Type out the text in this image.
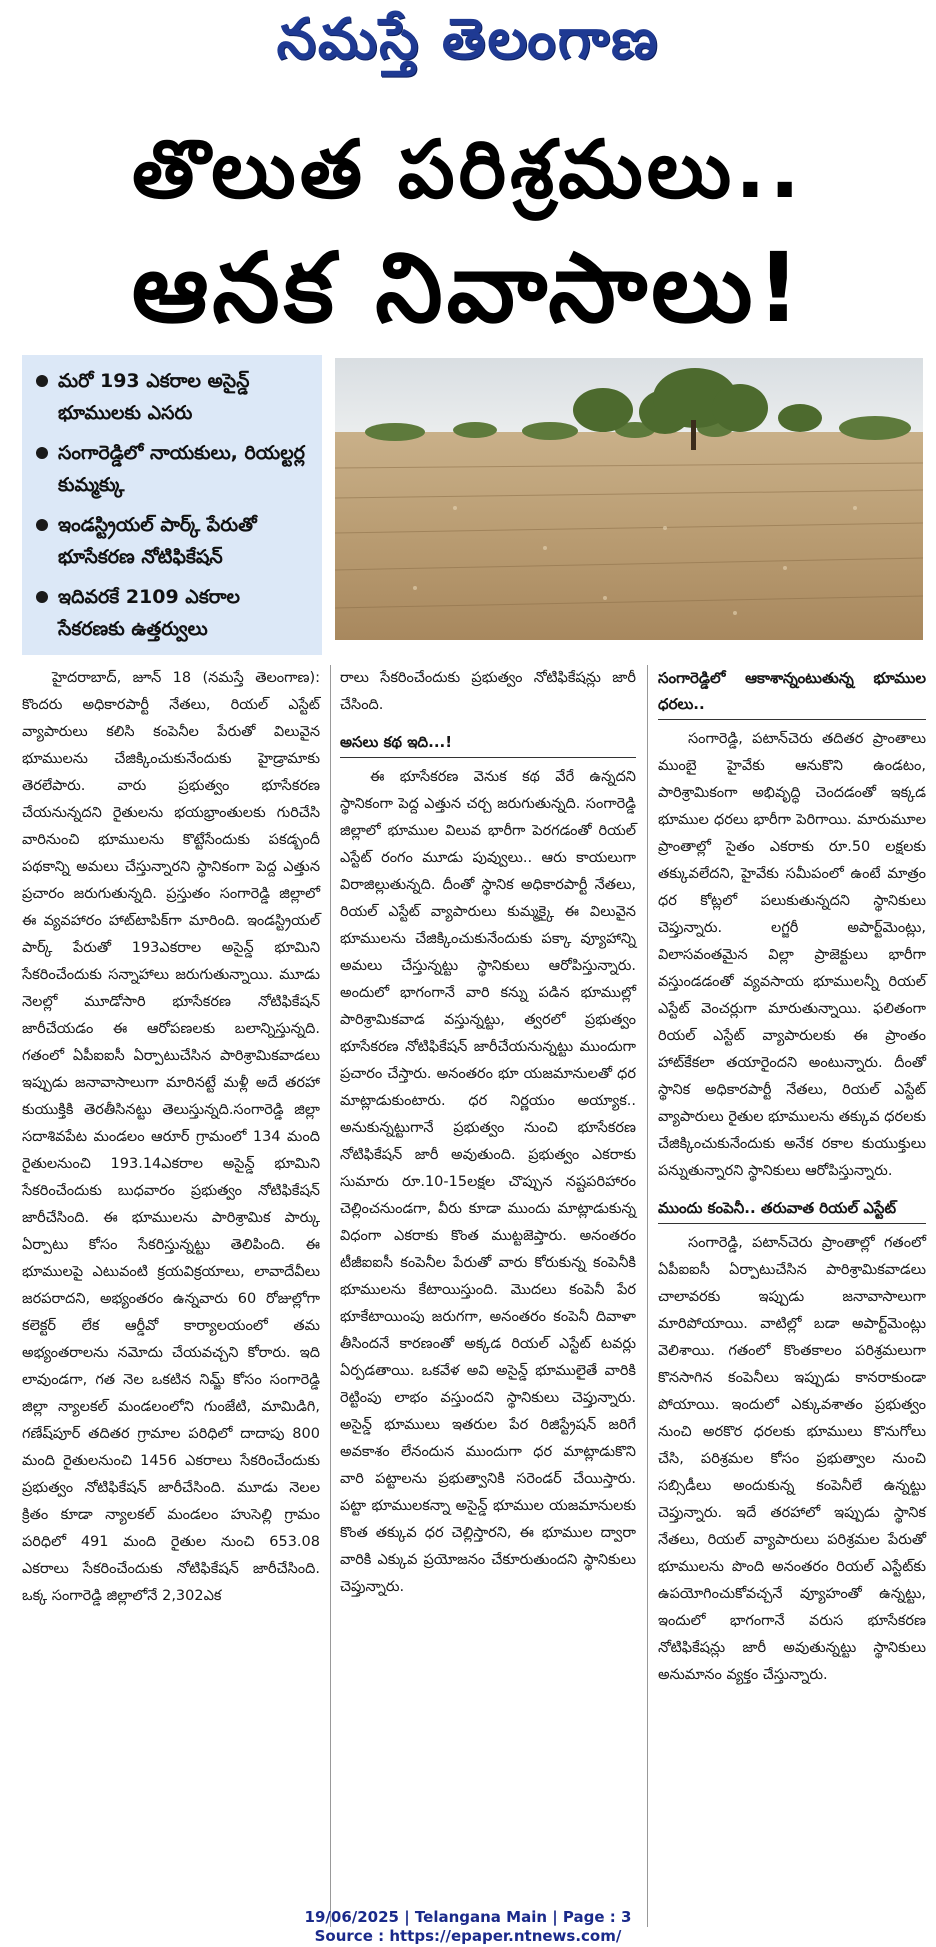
నమస్తే తెలంగాణ
తొలుత పరిశ్రమలు..
ఆనక నివాసాలు!
మరో 193 ఎకరాల అసైన్డ్ భూములకు ఎసరు
సంగారెడ్డిలో నాయకులు, రియల్టర్ల కుమ్మక్కు
ఇండస్ట్రియల్ పార్క్ పేరుతో భూసేకరణ నోటిఫికేషన్
ఇదివరకే 2109 ఎకరాల సేకరణకు ఉత్తర్వులు

హైదరాబాద్, జూన్ 18 (నమస్తే తెలంగాణ): కొందరు అధికారపార్టీ నేతలు, రియల్ ఎస్టేట్ వ్యాపారులు కలిసి కంపెనీల పేరుతో విలువైన భూములను చేజిక్కించుకునేందుకు హైడ్రామాకు తెరలేపారు. వారు ప్రభుత్వం భూసేకరణ చేయనున్నదని రైతులను భయభ్రాంతులకు గురిచేసి వారినుంచి భూములను కొట్టేసేందుకు పకడ్బందీ పథకాన్ని అమలు చేస్తున్నారని స్థానికంగా పెద్ద ఎత్తున ప్రచారం జరుగుతున్నది. ప్రస్తుతం సంగారెడ్డి జిల్లాలో ఈ వ్యవహారం హాట్‌టాపిక్‌గా మారింది. ఇండస్ట్రియల్ పార్క్ పేరుతో 193ఎకరాల అసైన్డ్ భూమిని సేకరించేందుకు సన్నాహాలు జరుగుతున్నాయి. మూడు నెలల్లో మూడోసారి భూసేకరణ నోటిఫికేషన్ జారీచేయడం ఈ ఆరోపణలకు బలాన్నిస్తున్నది. గతంలో ఏపీఐఐసీ ఏర్పాటుచేసిన పారిశ్రామికవాడలు ఇప్పుడు జనావాసాలుగా మారినట్టే మళ్లీ అదే తరహా కుయుక్తికి తెరతీసినట్టు తెలుస్తున్నది.సంగారెడ్డి జిల్లా సదాశివపేట మండలం ఆరూర్ గ్రామంలో 134 మంది రైతులనుంచి 193.14ఎకరాల అసైన్డ్ భూమిని సేకరించేందుకు బుధవారం ప్రభుత్వం నోటిఫికేషన్ జారీచేసింది. ఈ భూములను పారిశ్రామిక పార్కు ఏర్పాటు కోసం సేకరిస్తున్నట్టు తెలిపింది. ఈ భూములపై ఎటువంటి క్రయవిక్రయాలు, లావాదేవీలు జరపరాదని, అభ్యంతరం ఉన్నవారు 60 రోజుల్లోగా కలెక్టర్ లేక ఆర్డీవో కార్యాలయంలో తమ అభ్యంతరాలను నమోదు చేయవచ్చని కోరారు. ఇది లావుండగా, గత నెల ఒకటిన నిమ్జ్ కోసం సంగారెడ్డి జిల్లా న్యాలకల్ మండలంలోని గుంజేటి, మామిడిగి, గణేష్‌పూర్ తదితర గ్రామాల పరిధిలో దాదాపు 800 మంది రైతులనుంచి 1456 ఎకరాలు సేకరించేందుకు ప్రభుత్వం నోటిఫికేషన్ జారీచేసింది. మూడు నెలల క్రితం కూడా న్యాలకల్ మండలం హుసెల్లి గ్రామం పరిధిలో 491 మంది రైతుల నుంచి 653.08 ఎకరాలు సేకరించేందుకు నోటిఫికేషన్ జారీచేసింది. ఒక్క సంగారెడ్డి జిల్లాలోనే 2,302ఎక

రాలు సేకరించేందుకు ప్రభుత్వం నోటిఫికేషన్లు జారీ చేసింది.

అసలు కథ ఇది...!

ఈ భూసేకరణ వెనుక కథ వేరే ఉన్నదని స్థానికంగా పెద్ద ఎత్తున చర్చ జరుగుతున్నది. సంగారెడ్డి జిల్లాలో భూముల విలువ భారీగా పెరగడంతో రియల్ ఎస్టేట్ రంగం మూడు పువ్వులు.. ఆరు కాయలుగా విరాజిల్లుతున్నది. దీంతో స్థానిక అధికారపార్టీ నేతలు, రియల్ ఎస్టేట్ వ్యాపారులు కుమ్మక్కై ఈ విలువైన భూములను చేజిక్కించుకునేందుకు పక్కా వ్యూహాన్ని అమలు చేస్తున్నట్టు స్థానికులు ఆరోపిస్తున్నారు. అందులో భాగంగానే వారి కన్ను పడిన భూముల్లో పారిశ్రామికవాడ వస్తున్నట్టు, త్వరలో ప్రభుత్వం భూసేకరణ నోటిఫికేషన్ జారీచేయనున్నట్టు ముందుగా ప్రచారం చేస్తారు. అనంతరం భూ యజమానులతో ధర మాట్లాడుకుంటారు. ధర నిర్ణయం అయ్యాక.. అనుకున్నట్టుగానే ప్రభుత్వం నుంచి భూసేకరణ నోటిఫికేషన్ జారీ అవుతుంది. ప్రభుత్వం ఎకరాకు సుమారు రూ.10-15లక్షల చొప్పున నష్టపరిహారం చెల్లించనుండగా, వీరు కూడా ముందు మాట్లాడుకున్న విధంగా ఎకరాకు కొంత ముట్టజెప్తారు. అనంతరం టీజీఐఐసీ కంపెనీల పేరుతో వారు కోరుకున్న కంపెనీకి భూములను కేటాయిస్తుంది. మొదలు కంపెనీ పేర భూకేటాయింపు జరుగగా, అనంతరం కంపెనీ దివాళా తీసిందనే కారణంతో అక్కడ రియల్ ఎస్టేట్ టవర్లు ఏర్పడతాయి. ఒకవేళ అవి అసైన్డ్ భూములైతే వారికి రెట్టింపు లాభం వస్తుందని స్థానికులు చెప్తున్నారు. అసైన్డ్ భూములు ఇతరుల పేర రిజిస్ట్రేషన్ జరిగే అవకాశం లేనందున ముందుగా ధర మాట్లాడుకొని వారి పట్టాలను ప్రభుత్వానికి సరెండర్ చేయిస్తారు. పట్టా భూములకన్నా అసైన్డ్ భూముల యజమానులకు కొంత తక్కువ ధర చెల్లిస్తారని, ఈ భూముల ద్వారా వారికి ఎక్కువ ప్రయోజనం చేకూరుతుందని స్థానికులు చెప్తున్నారు.

సంగారెడ్డిలో ఆకాశాన్నంటుతున్న భూముల ధరలు..

సంగారెడ్డి, పటాన్‌చెరు తదితర ప్రాంతాలు ముంబై హైవేకు ఆనుకొని ఉండటం, పారిశ్రామికంగా అభివృద్ధి చెందడంతో ఇక్కడ భూముల ధరలు భారీగా పెరిగాయి. మారుమూల ప్రాంతాల్లో సైతం ఎకరాకు రూ.50 లక్షలకు తక్కువలేదని, హైవేకు సమీపంలో ఉంటే మాత్రం ధర కోట్లలో పలుకుతున్నదని స్థానికులు చెప్తున్నారు. లగ్జరీ అపార్ట్‌మెంట్లు, విలాసవంతమైన విల్లా ప్రాజెక్టులు భారీగా వస్తుండడంతో వ్యవసాయ భూములన్నీ రియల్ ఎస్టేట్ వెంచర్లుగా మారుతున్నాయి. ఫలితంగా రియల్ ఎస్టేట్ వ్యాపారులకు ఈ ప్రాంతం హాట్‌కేకలా తయారైందని అంటున్నారు. దీంతో స్థానిక అధికారపార్టీ నేతలు, రియల్ ఎస్టేట్ వ్యాపారులు రైతుల భూములను తక్కువ ధరలకు చేజిక్కించుకునేందుకు అనేక రకాల కుయుక్తులు పన్నుతున్నారని స్థానికులు ఆరోపిస్తున్నారు.

ముందు కంపెనీ.. తరువాత రియల్ ఎస్టేట్

సంగారెడ్డి, పటాన్‌చెరు ప్రాంతాల్లో గతంలో ఏపీఐఐసీ ఏర్పాటుచేసిన పారిశ్రామికవాడలు చాలావరకు ఇప్పుడు జనావాసాలుగా మారిపోయాయి. వాటిల్లో బడా అపార్ట్‌మెంట్లు వెలిశాయి. గతంలో కొంతకాలం పరిశ్రమలుగా కొనసాగిన కంపెనీలు ఇప్పుడు కానరాకుండా పోయాయి. ఇందులో ఎక్కువశాతం ప్రభుత్వం నుంచి అరకొర ధరలకు భూములు కొనుగోలు చేసి, పరిశ్రమల కోసం ప్రభుత్వాల నుంచి సబ్సిడీలు అందుకున్న కంపెనీలే ఉన్నట్టు చెప్తున్నారు. ఇదే తరహాలో ఇప్పుడు స్థానిక నేతలు, రియల్ వ్యాపారులు పరిశ్రమల పేరుతో భూములను పొంది అనంతరం రియల్ ఎస్టేట్‌కు ఉపయోగించుకోవచ్చనే వ్యూహంతో ఉన్నట్టు, ఇందులో భాగంగానే వరుస భూసేకరణ నోటిఫికేషన్లు జారీ అవుతున్నట్టు స్థానికులు అనుమానం వ్యక్తం చేస్తున్నారు.

19/06/2025 | Telangana Main | Page : 3
Source : https://epaper.ntnews.com/
